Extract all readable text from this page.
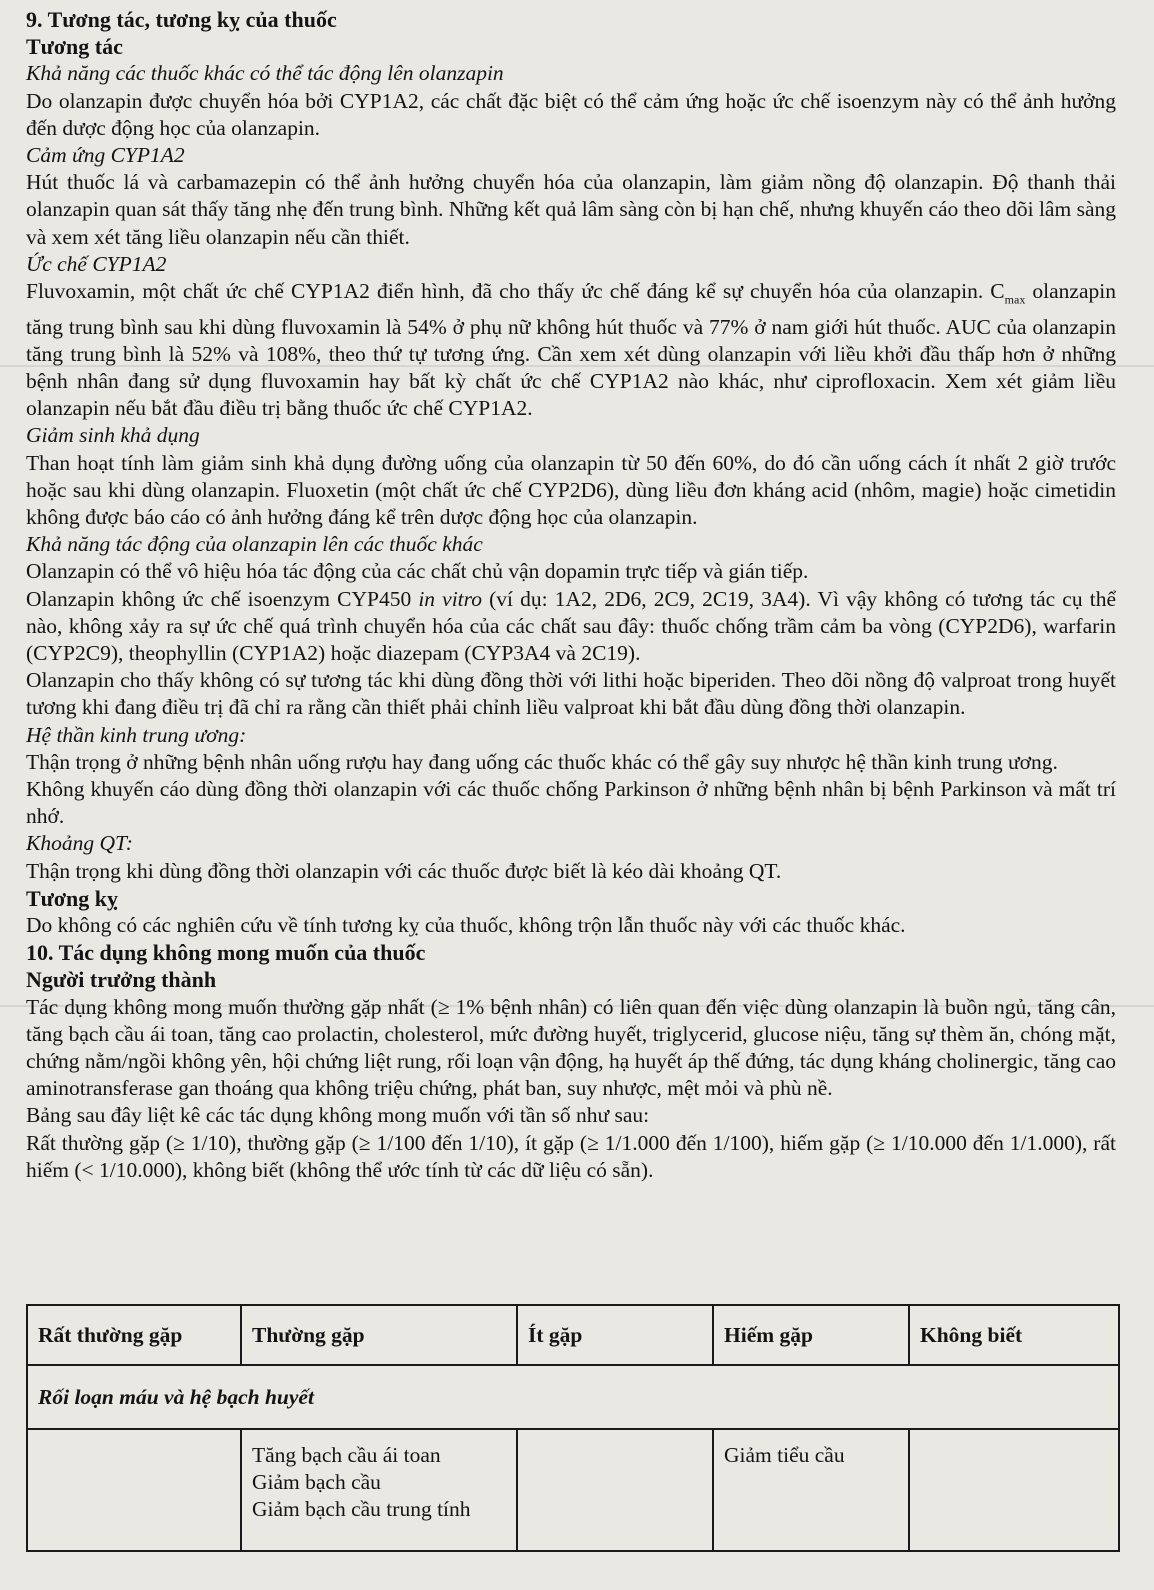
9. Tương tác, tương kỵ của thuốc
Tương tác
Khả năng các thuốc khác có thể tác động lên olanzapin

Do olanzapin được chuyển hóa bởi CYP1A2, các chất đặc biệt có thể cảm ứng hoặc ức chế isoenzym này có thể ảnh hưởng đến dược động học của olanzapin.

Cảm ứng CYP1A2

Hút thuốc lá và carbamazepin có thể ảnh hưởng chuyển hóa của olanzapin, làm giảm nồng độ olanzapin. Độ thanh thải olanzapin quan sát thấy tăng nhẹ đến trung bình. Những kết quả lâm sàng còn bị hạn chế, nhưng khuyến cáo theo dõi lâm sàng và xem xét tăng liều olanzapin nếu cần thiết.

Ức chế CYP1A2

Fluvoxamin, một chất ức chế CYP1A2 điển hình, đã cho thấy ức chế đáng kể sự chuyển hóa của olanzapin. $C_{max}$ olanzapin tăng trung bình sau khi dùng fluvoxamin là 54% ở phụ nữ không hút thuốc và 77% ở nam giới hút thuốc. AUC của olanzapin tăng trung bình là 52% và 108%, theo thứ tự tương ứng. Cần xem xét dùng olanzapin với liều khởi đầu thấp hơn ở những bệnh nhân đang sử dụng fluvoxamin hay bất kỳ chất ức chế CYP1A2 nào khác, như ciprofloxacin. Xem xét giảm liều olanzapin nếu bắt đầu điều trị bằng thuốc ức chế CYP1A2.

Giảm sinh khả dụng

Than hoạt tính làm giảm sinh khả dụng đường uống của olanzapin từ 50 đến 60%, do đó cần uống cách ít nhất 2 giờ trước hoặc sau khi dùng olanzapin. Fluoxetin (một chất ức chế CYP2D6), dùng liều đơn kháng acid (nhôm, magie) hoặc cimetidin không được báo cáo có ảnh hưởng đáng kể trên dược động học của olanzapin.

Khả năng tác động của olanzapin lên các thuốc khác

Olanzapin có thể vô hiệu hóa tác động của các chất chủ vận dopamin trực tiếp và gián tiếp.

Olanzapin không ức chế isoenzym CYP450 in vitro (ví dụ: 1A2, 2D6, 2C9, 2C19, 3A4). Vì vậy không có tương tác cụ thể nào, không xảy ra sự ức chế quá trình chuyển hóa của các chất sau đây: thuốc chống trầm cảm ba vòng (CYP2D6), warfarin (CYP2C9), theophyllin (CYP1A2) hoặc diazepam (CYP3A4 và 2C19).

Olanzapin cho thấy không có sự tương tác khi dùng đồng thời với lithi hoặc biperiden. Theo dõi nồng độ valproat trong huyết tương khi đang điều trị đã chỉ ra rằng cần thiết phải chỉnh liều valproat khi bắt đầu dùng đồng thời olanzapin.

Hệ thần kinh trung ương:

Thận trọng ở những bệnh nhân uống rượu hay đang uống các thuốc khác có thể gây suy nhược hệ thần kinh trung ương.

Không khuyến cáo dùng đồng thời olanzapin với các thuốc chống Parkinson ở những bệnh nhân bị bệnh Parkinson và mất trí nhớ.

Khoảng QT:

Thận trọng khi dùng đồng thời olanzapin với các thuốc được biết là kéo dài khoảng QT.

Tương kỵ

Do không có các nghiên cứu về tính tương kỵ của thuốc, không trộn lẫn thuốc này với các thuốc khác.

10. Tác dụng không mong muốn của thuốc
Người trưởng thành

Tác dụng không mong muốn thường gặp nhất (≥ 1% bệnh nhân) có liên quan đến việc dùng olanzapin là buồn ngủ, tăng cân, tăng bạch cầu ái toan, tăng cao prolactin, cholesterol, mức đường huyết, triglycerid, glucose niệu, tăng sự thèm ăn, chóng mặt, chứng nằm/ngồi không yên, hội chứng liệt rung, rối loạn vận động, hạ huyết áp thế đứng, tác dụng kháng cholinergic, tăng cao aminotransferase gan thoáng qua không triệu chứng, phát ban, suy nhược, mệt mỏi và phù nề.

Bảng sau đây liệt kê các tác dụng không mong muốn với tần số như sau:

Rất thường gặp (≥ 1/10), thường gặp (≥ 1/100 đến 1/10), ít gặp (≥ 1/1.000 đến 1/100), hiếm gặp (≥ 1/10.000 đến 1/1.000), rất hiếm (< 1/10.000), không biết (không thể ước tính từ các dữ liệu có sẵn).

Rất thường gặp	Thường gặp	Ít gặp	Hiếm gặp	Không biết
Rối loạn máu và hệ bạch huyết				

	Tăng bạch cầu ái toan
Giảm bạch cầu
Giảm bạch cầu trung tính		Giảm tiểu cầu	
